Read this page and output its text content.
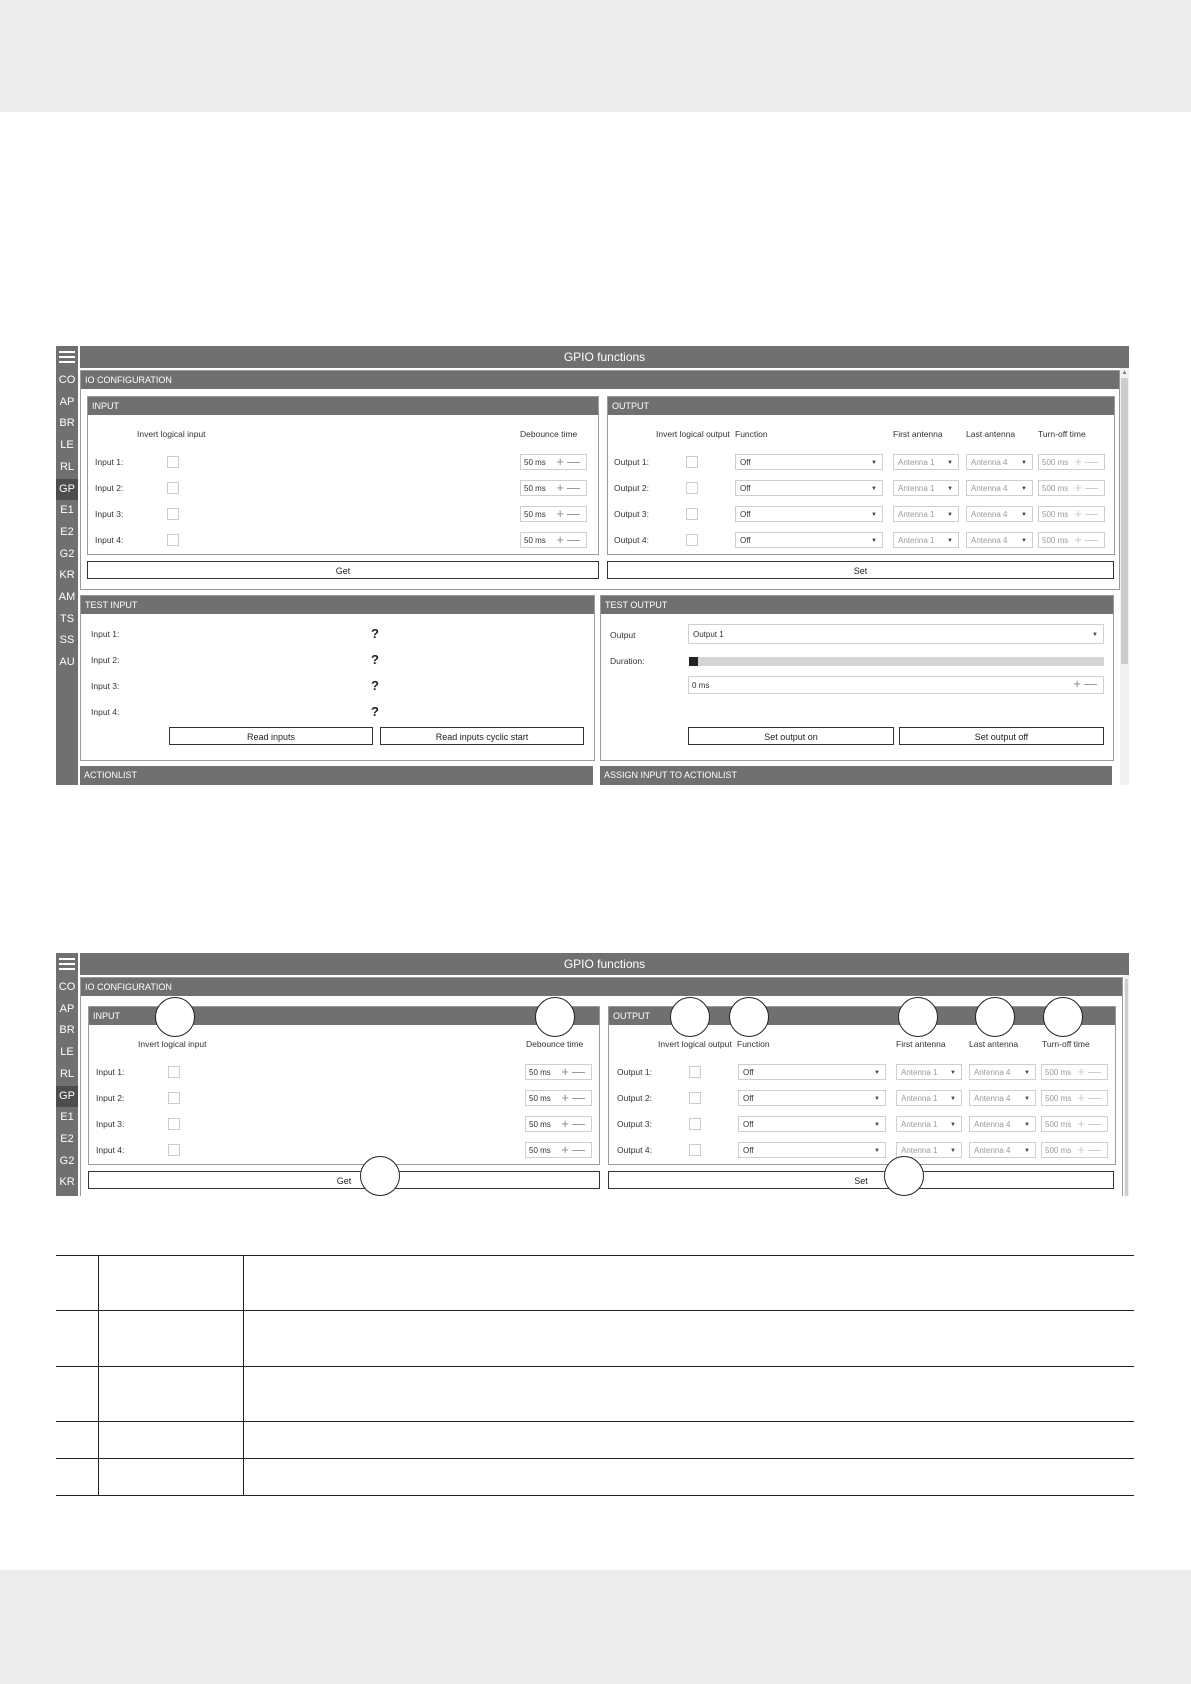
CO
AP
BR
LE
RL
GP
E1
E2
G2
KR
AM
TS
SS
AU
GPIO functions
▲
IO CONFIGURATION
INPUT
Invert logical input	Debounce time
Input 1:	50 ms +—
Input 2:	50 ms +—
Input 3:	50 ms +—
Input 4:	50 ms +—
OUTPUT
Invert logical output Function	First antenna	Last antenna	Turn-off time
Output 1:	Off	▼	Antenna 1 ▼	Antenna 4 ▼	500 ms +—
Output 2:	Off	▼	Antenna 1 ▼	Antenna 4 ▼	500 ms +—
Output 3:	Off	▼	Antenna 1 ▼	Antenna 4 ▼	500 ms +—
Output 4:	Off	▼	Antenna 1 ▼	Antenna 4 ▼	500 ms +—
Get	Set
TEST INPUT
Input 1:	?
Input 2:	?
Input 3:	?
Input 4:	?
Read inputs	Read inputs cyclic start
TEST OUTPUT
Output	Output 1	▼
Duration:
0 ms	+—
Set output on	Set output off
ACTIONLIST	ASSIGN INPUT TO ACTIONLIST
CO
AP
BR
LE
RL
GP
E1
E2
G2
KR
GPIO functions
IO CONFIGURATION
INPUT
Invert logical input	Debounce time
Input 1:	50 ms +—
Input 2:	50 ms +—
Input 3:	50 ms +—
Input 4:	50 ms +—
OUTPUT
Invert logical output Function	First antenna	Last antenna	Turn-off time
Output 1:	Off	▼	Antenna 1 ▼	Antenna 4 ▼	500 ms +—
Output 2:	Off	▼	Antenna 1 ▼	Antenna 4 ▼	500 ms +—
Output 3:	Off	▼	Antenna 1 ▼	Antenna 4 ▼	500 ms +—
Output 4:	Off	▼	Antenna 1 ▼	Antenna 4 ▼	500 ms +—
Get	Set
